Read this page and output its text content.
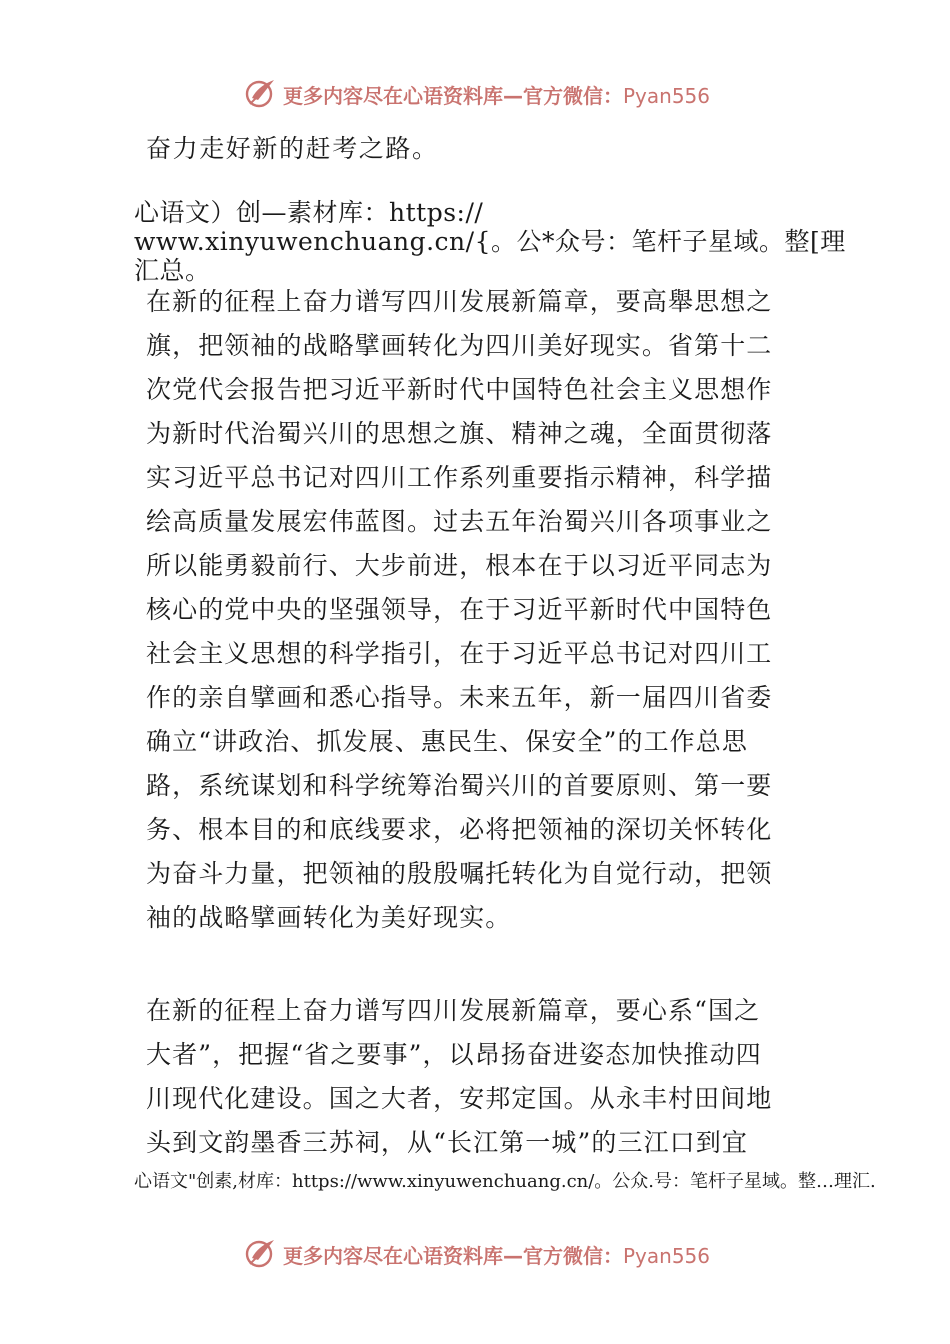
更多内容尽在心语资料库—官方微信：Pyan556
奋力走好新的赶考之路。
心语文）创—素材库：https://
www.xinyuwenchuang.cn/{。公*众号：笔杆子星域。整[理
汇总。
在新的征程上奋力谱写四川发展新篇章，要高舉思想之
旗，把领袖的战略擘画转化为四川美好现实。省第十二
次党代会报告把习近平新时代中国特色社会主义思想作
为新时代治蜀兴川的思想之旗、精神之魂，全面贯彻落
实习近平总书记对四川工作系列重要指示精神，科学描
绘高质量发展宏伟蓝图。过去五年治蜀兴川各项事业之
所以能勇毅前行、大步前进，根本在于以习近平同志为
核心的党中央的坚强领导，在于习近平新时代中国特色
社会主义思想的科学指引，在于习近平总书记对四川工
作的亲自擘画和悉心指导。未来五年，新一届四川省委
确立“讲政治、抓发展、惠民生、保安全”的工作总思
路，系统谋划和科学统筹治蜀兴川的首要原则、第一要
务、根本目的和底线要求，必将把领袖的深切关怀转化
为奋斗力量，把领袖的殷殷嘱托转化为自觉行动，把领
袖的战略擘画转化为美好现实。
在新的征程上奋力谱写四川发展新篇章，要心系“国之
大者”，把握“省之要事”，以昂扬奋进姿态加快推动四
川现代化建设。国之大者，安邦定国。从永丰村田间地
头到文韵墨香三苏祠，从“长江第一城”的三江口到宜
心语文"创素,材库：https://www.xinyuwenchuang.cn/。公众.号：笔杆子星域。整…理汇.
更多内容尽在心语资料库—官方微信：Pyan556
